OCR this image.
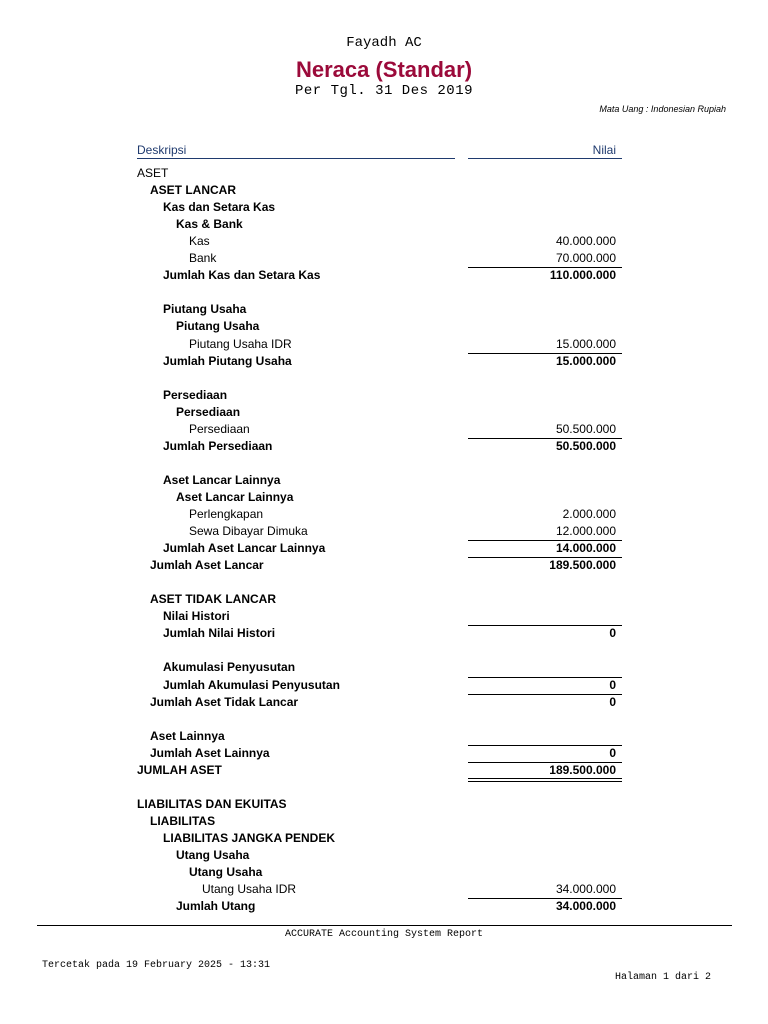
Fayadh AC
Neraca (Standar)
Per Tgl. 31 Des 2019
Mata Uang : Indonesian Rupiah
Deskripsi	Nilai
ASET
ASET LANCAR
Kas dan Setara Kas
Kas & Bank
Kas	40.000.000
Bank	70.000.000
Jumlah Kas dan Setara Kas	110.000.000
Piutang Usaha
Piutang Usaha
Piutang Usaha IDR	15.000.000
Jumlah Piutang Usaha	15.000.000
Persediaan
Persediaan
Persediaan	50.500.000
Jumlah Persediaan	50.500.000
Aset Lancar Lainnya
Aset Lancar Lainnya
Perlengkapan	2.000.000
Sewa Dibayar Dimuka	12.000.000
Jumlah Aset Lancar Lainnya	14.000.000
Jumlah Aset Lancar	189.500.000
ASET TIDAK LANCAR
Nilai Histori
Jumlah Nilai Histori	0
Akumulasi Penyusutan
Jumlah Akumulasi Penyusutan	0
Jumlah Aset Tidak Lancar	0
Aset Lainnya
Jumlah Aset Lainnya	0
JUMLAH ASET	189.500.000
LIABILITAS DAN EKUITAS
LIABILITAS
LIABILITAS JANGKA PENDEK
Utang Usaha
Utang Usaha
Utang Usaha IDR	34.000.000
Jumlah Utang	34.000.000
ACCURATE Accounting System Report
Tercetak pada 19 February 2025 - 13:31
Halaman 1 dari 2
